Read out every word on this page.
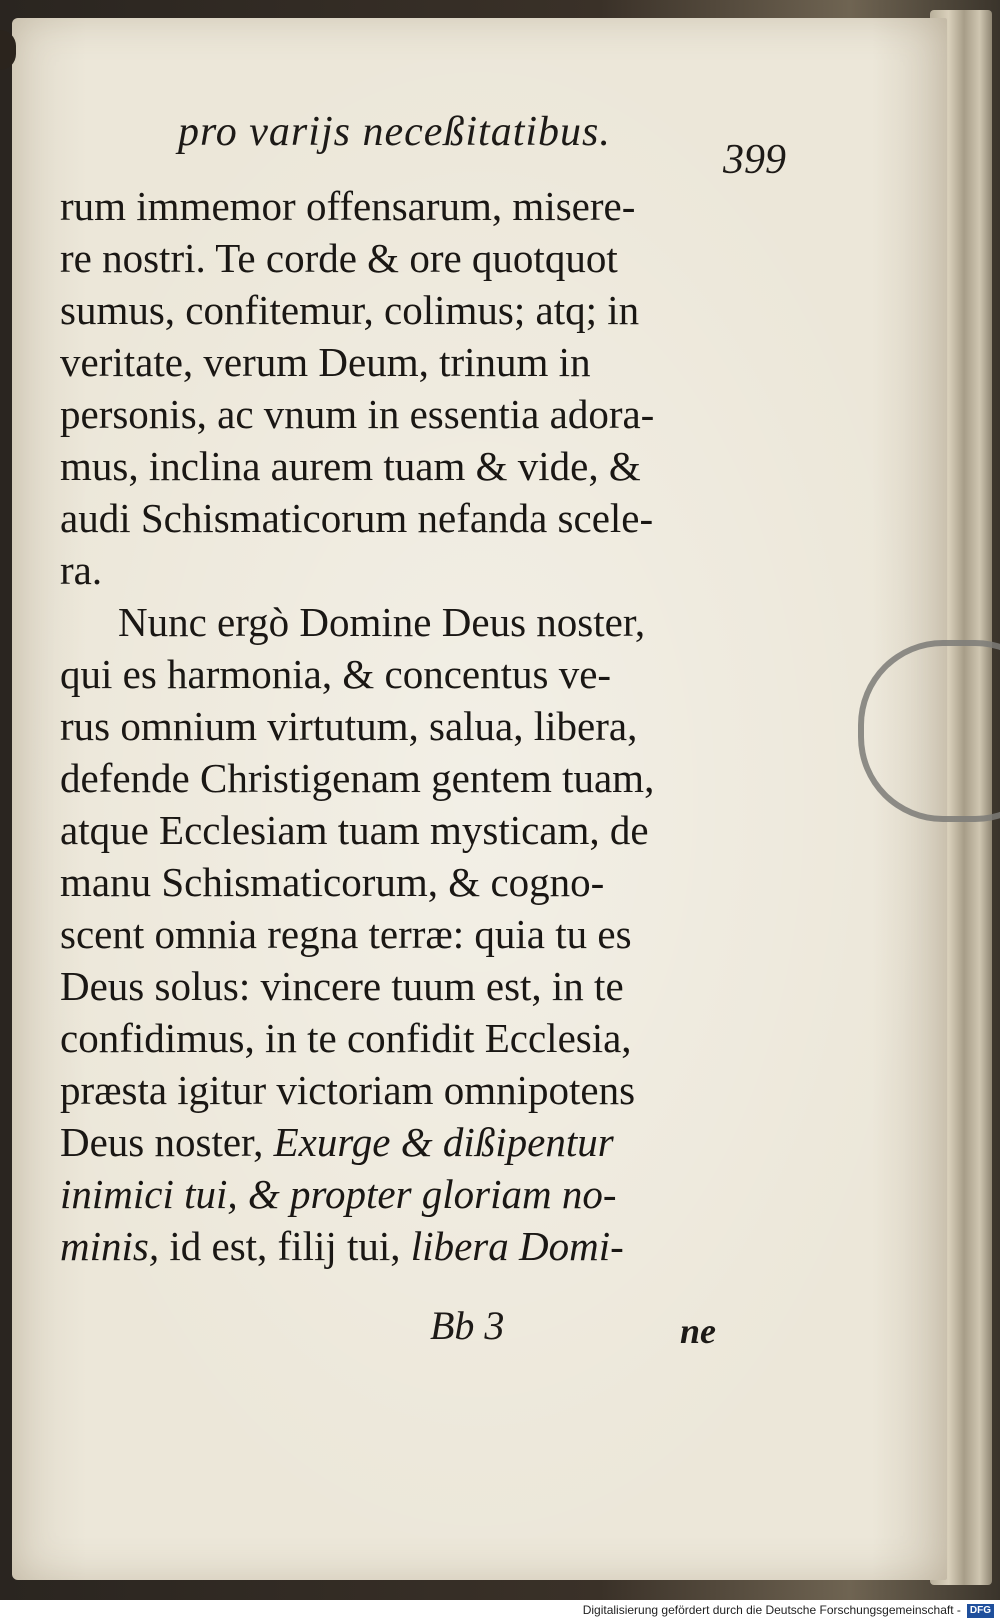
pro varijs neceßitatibus.
399
rum immemor offensarum, misere-
re nostri. Te corde & ore quotquot
sumus, confitemur, colimus; atq; in
veritate, verum Deum, trinum in
personis, ac vnum in essentia adora-
mus, inclina aurem tuam & vide, &
audi Schismaticorum nefanda scele-
ra.
Nunc ergò Domine Deus noster,
qui es harmonia, & concentus ve-
rus omnium virtutum, salua, libera,
defende Christigenam gentem tuam,
atque Ecclesiam tuam mysticam, de
manu Schismaticorum, & cogno-
scent omnia regna terræ: quia tu es
Deus solus: vincere tuum est, in te
confidimus, in te confidit Ecclesia,
præsta igitur victoriam omnipotens
Deus noster, Exurge & dißipentur
inimici tui, & propter gloriam no-
minis, id est, filij tui, libera Domi-
Bb 3	ne
Digitalisierung gefördert durch die Deutsche Forschungsgemeinschaft - DFG
